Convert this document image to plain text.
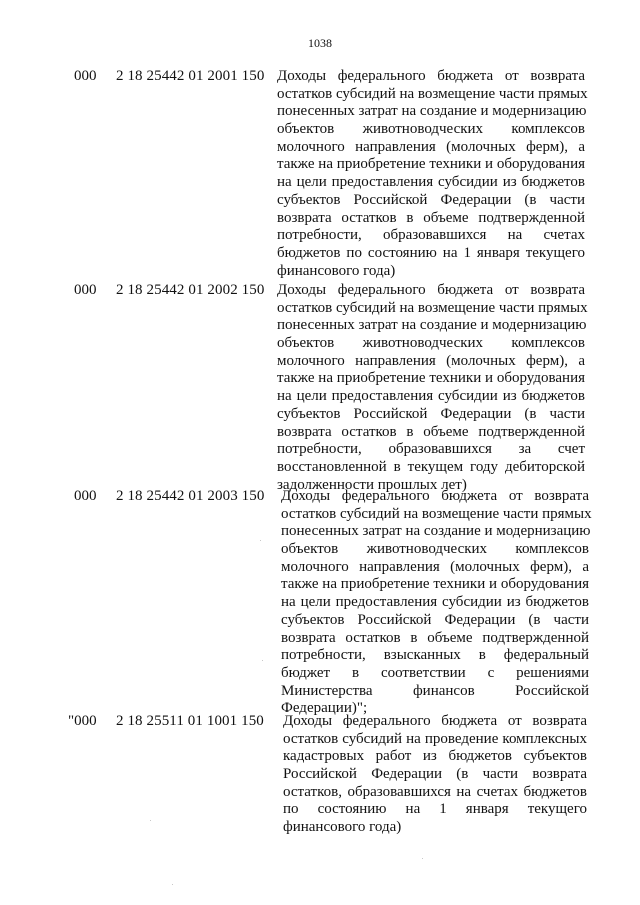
1038
000 2 18 25442 01 2001 150 Доходы федерального бюджета от возврата
остатков субсидий на возмещение части прямых
понесенных затрат на создание и модернизацию
объектов животноводческих комплексов
молочного направления (молочных ферм), а
также на приобретение техники и оборудования
на цели предоставления субсидии из бюджетов
субъектов Российской Федерации (в части
возврата остатков в объеме подтвержденной
потребности, образовавшихся на счетах
бюджетов по состоянию на 1 января текущего
финансового года)
000 2 18 25442 01 2002 150 Доходы федерального бюджета от возврата
остатков субсидий на возмещение части прямых
понесенных затрат на создание и модернизацию
объектов животноводческих комплексов
молочного направления (молочных ферм), а
также на приобретение техники и оборудования
на цели предоставления субсидии из бюджетов
субъектов Российской Федерации (в части
возврата остатков в объеме подтвержденной
потребности, образовавшихся за счет
восстановленной в текущем году дебиторской
задолженности прошлых лет)
000 2 18 25442 01 2003 150 Доходы федерального бюджета от возврата
остатков субсидий на возмещение части прямых
понесенных затрат на создание и модернизацию
объектов животноводческих комплексов
молочного направления (молочных ферм), а
также на приобретение техники и оборудования
на цели предоставления субсидии из бюджетов
субъектов Российской Федерации (в части
возврата остатков в объеме подтвержденной
потребности, взысканных в федеральный
бюджет в соответствии с решениями
Министерства финансов Российской
Федерации)";
"000 2 18 25511 01 1001 150 Доходы федерального бюджета от возврата
остатков субсидий на проведение комплексных
кадастровых работ из бюджетов субъектов
Российской Федерации (в части возврата
остатков, образовавшихся на счетах бюджетов
по состоянию на 1 января текущего
финансового года)
